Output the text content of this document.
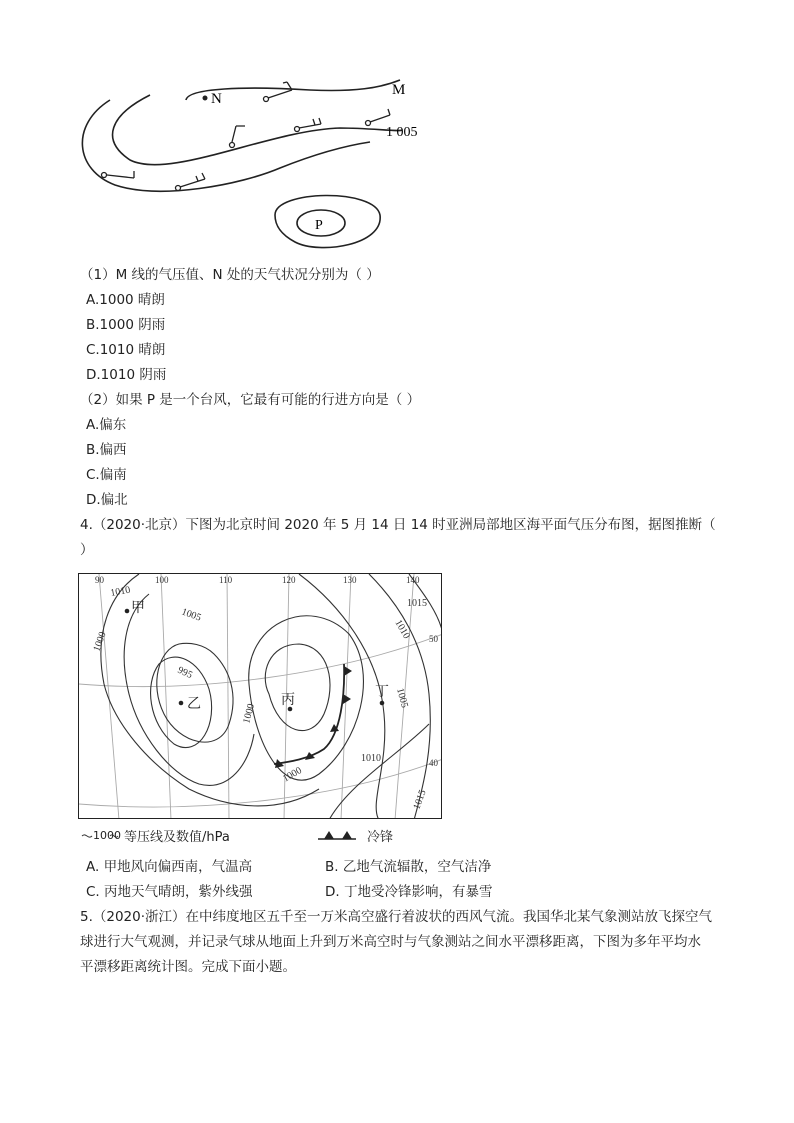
N
M
1 005
P
（1）M 线的气压值、N 处的天气状况分别为（ ）
A.1000 晴朗
B.1000 阴雨
C.1010 晴朗
D.1010 阴雨
（2）如果 P 是一个台风，它最有可能的行进方向是（ ）
A.偏东
B.偏西
C.偏南
D.偏北
4.（2020·北京）下图为北京时间 2020 年 5 月 14 日 14 时亚洲局部地区海平面气压分布图，据图推断（
）
90	100	110	120	130	140
50
40
1010
1005
1000
995
1000
1015
1010
1005
1010
1000
1015
甲
乙	丙
丁
1000 等压线及数值/hPa	冷锋
A. 甲地风向偏西南，气温高	B. 乙地气流辐散，空气洁净
C. 丙地天气晴朗，紫外线强	D. 丁地受冷锋影响，有暴雪
5.（2020·浙江）在中纬度地区五千至一万米高空盛行着波状的西风气流。我国华北某气象测站放飞探空气
球进行大气观测，并记录气球从地面上升到万米高空时与气象测站之间水平漂移距离，下图为多年平均水
平漂移距离统计图。完成下面小题。
